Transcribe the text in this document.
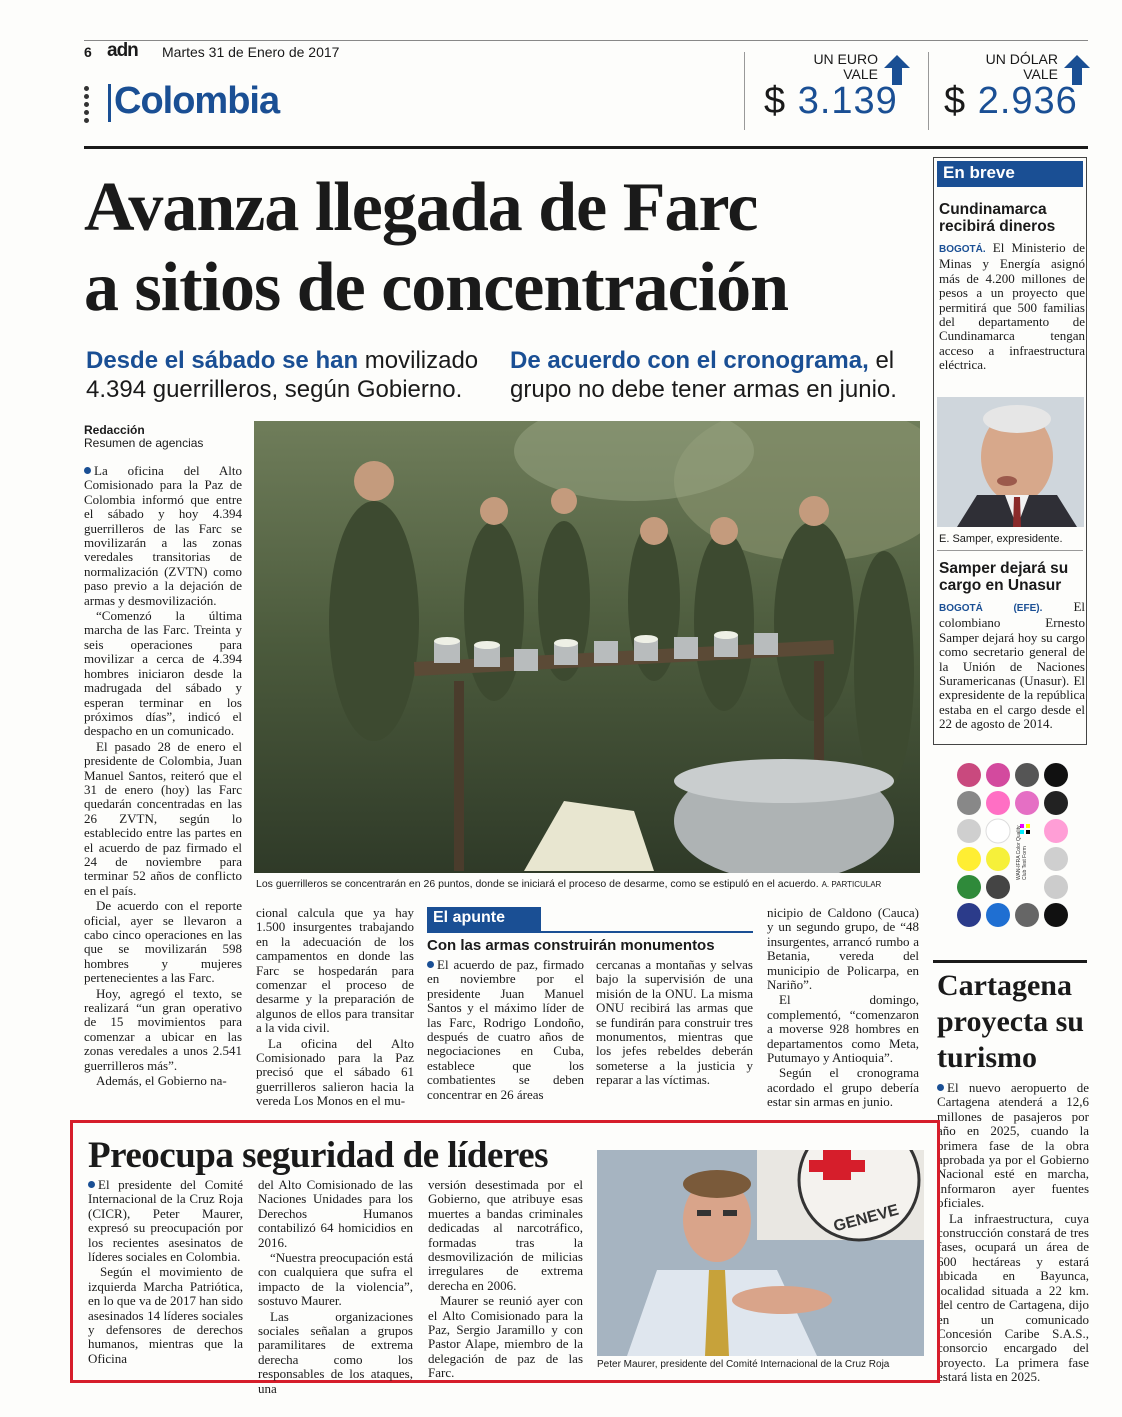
6 adn Martes 31 de Enero de 2017
Colombia
UN EURO VALE
$ 3.139
UN DÓLAR VALE
$ 2.936
Avanza llegada de Farc
a sitios de concentración
Desde el sábado se han movilizado 4.394 guerrilleros, según Gobierno.
De acuerdo con el cronograma, el grupo no debe tener armas en junio.
Redacción
Resumen de agencias

La oficina del Alto Comisionado para la Paz de Colombia informó que entre el sábado y hoy 4.394 guerrilleros de las Farc se movilizarán a las zonas veredales transitorias de normalización (ZVTN) como paso previo a la dejación de armas y desmovilización.

“Comenzó la última marcha de las Farc. Treinta y seis operaciones para movilizar a cerca de 4.394 hombres iniciaron desde la madrugada del sábado y esperan terminar en los próximos días”, indicó el despacho en un comunicado.

El pasado 28 de enero el presidente de Colombia, Juan Manuel Santos, reiteró que el 31 de enero (hoy) las Farc quedarán concentradas en las 26 ZVTN, según lo establecido entre las partes en el acuerdo de paz firmado el 24 de noviembre para terminar 52 años de conflicto en el país.

De acuerdo con el reporte oficial, ayer se llevaron a cabo cinco operaciones en las que se movilizarán 598 hombres y mujeres pertenecientes a las Farc.

Hoy, agregó el texto, se realizará “un gran operativo de 15 movimientos para comenzar a ubicar en las zonas veredales a unos 2.541 guerrilleros más”.

Además, el Gobierno na-

Los guerrilleros se concentrarán en 26 puntos, donde se iniciará el proceso de desarme, como se estipuló en el acuerdo. A. PARTICULAR

cional calcula que ya hay 1.500 insurgentes trabajando en la adecuación de los campamentos en donde las Farc se hospedarán para comenzar el proceso de desarme y la preparación de algunos de ellos para transitar a la vida civil.

La oficina del Alto Comisionado para la Paz precisó que el sábado 61 guerrilleros salieron hacia la vereda Los Monos en el mu-

El apunte
Con las armas construirán monumentos

El acuerdo de paz, firmado en noviembre por el presidente Juan Manuel Santos y el máximo líder de las Farc, Rodrigo Londoño, después de cuatro años de negociaciones en Cuba, establece que los combatientes se deben concentrar en 26 áreas

cercanas a montañas y selvas bajo la supervisión de una misión de la ONU. La misma ONU recibirá las armas que se fundirán para construir tres monumentos, mientras que los jefes rebeldes deberán someterse a la justicia y reparar a las víctimas.

nicipio de Caldono (Cauca) y un segundo grupo, de “48 insurgentes, arrancó rumbo a Betania, vereda del municipio de Policarpa, en Nariño”.

El domingo, complementó, “comenzaron a moverse 928 hombres en departamentos como Meta, Putumayo y Antioquia”.

Según el cronograma acordado el grupo debería estar sin armas en junio.

En breve
Cundinamarca recibirá dineros

BOGOTÁ. El Ministerio de Minas y Energía asignó más de 4.200 millones de pesos a un proyecto que permitirá que 500 familias del departamento de Cundinamarca tengan acceso a infraestructura eléctrica.

E. Samper, expresidente.
Samper dejará su cargo en Unasur

BOGOTÁ (EFE). El colombiano Ernesto Samper dejará hoy su cargo como secretario general de la Unión de Naciones Suramericanas (Unasur). El expresidente de la república estaba en el cargo desde el 22 de agosto de 2014.

WAN-IFRA Color Quality Club Test Form
Cartagena proyecta su turismo

El nuevo aeropuerto de Cartagena atenderá a 12,6 millones de pasajeros por año en 2025, cuando la primera fase de la obra aprobada ya por el Gobierno Nacional esté en marcha, informaron ayer fuentes oficiales.

La infraestructura, cuya construcción constará de tres fases, ocupará un área de 600 hectáreas y estará ubicada en Bayunca, localidad situada a 22 km. del centro de Cartagena, dijo en un comunicado Concesión Caribe S.A.S., consorcio encargado del proyecto. La primera fase estará lista en 2025.

Preocupa seguridad de líderes

El presidente del Comité Internacional de la Cruz Roja (CICR), Peter Maurer, expresó su preocupación por los recientes asesinatos de líderes sociales en Colombia.

Según el movimiento de izquierda Marcha Patriótica, en lo que va de 2017 han sido asesinados 14 líderes sociales y defensores de derechos humanos, mientras que la Oficina

del Alto Comisionado de las Naciones Unidades para los Derechos Humanos contabilizó 64 homicidios en 2016.

“Nuestra preocupación está con cualquiera que sufra el impacto de la violencia”, sostuvo Maurer.

Las organizaciones sociales señalan a grupos paramilitares de extrema derecha como los responsables de los ataques, una

versión desestimada por el Gobierno, que atribuye esas muertes a bandas criminales dedicadas al narcotráfico, formadas tras la desmovilización de milicias irregulares de extrema derecha en 2006.

Maurer se reunió ayer con el Alto Comisionado para la Paz, Sergio Jaramillo y con Pastor Alape, miembro de la delegación de paz de las Farc.

GENEVE
Peter Maurer, presidente del Comité Internacional de la Cruz Roja
